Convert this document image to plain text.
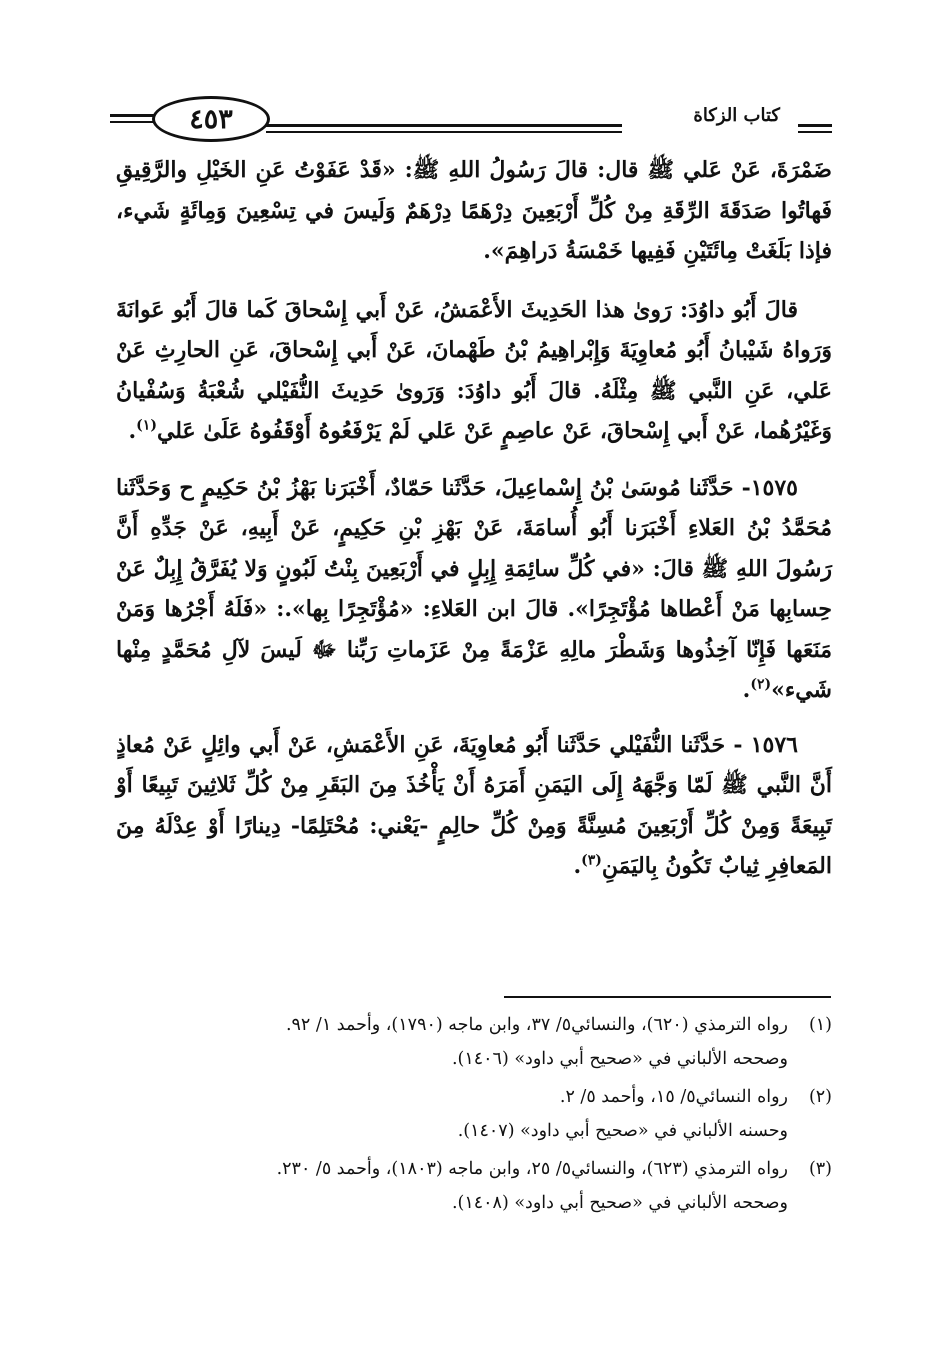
٤٥٣	كتاب الزكاة

ضَمْرَةَ، عَنْ عَلي ﷺ قال: قالَ رَسُولُ اللهِ ﷺ: «قَدْ عَفَوْتُ عَنِ الخَيْلِ والرَّقِيقِ فَهاتُوا صَدَقَةَ الرِّقَةِ مِنْ كُلِّ أَرْبَعِينَ دِرْهَمًا دِرْهَمٌ وَلَيسَ في تِسْعِينَ وَمِائَةٍ شَيء، فإذا بَلَغَتْ مِائَتَيْنِ فَفِيها خَمْسَةُ دَراهِمَ».

قالَ أَبُو داوُدَ: رَوىٰ هذا الحَدِيثَ الأَعْمَشُ، عَنْ أَبي إِسْحاقَ كَما قالَ أَبُو عَوانَةَ وَرَواهُ شَيْبانُ أَبُو مُعاوِيَةَ وَإِبْراهِيمُ بْنُ طَهْمانَ، عَنْ أَبي إِسْحاقَ، عَنِ الحارِثِ عَنْ عَلي، عَنِ النَّبي ﷺ مِثْلَهُ. قالَ أَبُو داوُدَ: وَرَوىٰ حَدِيثَ النُّفَيْلي شُعْبَةُ وَسُفْيانُ وَغَيْرُهُما، عَنْ أَبي إِسْحاقَ، عَنْ عاصِمٍ عَنْ عَلي لَمْ يَرْفَعُوهُ أَوْقَفُوهُ عَلَىٰ عَلي$^{(١)}$.

١٥٧٥- حَدَّثَنا مُوسَىٰ بْنُ إِسْماعِيلَ، حَدَّثَنا حَمّادٌ، أَخْبَرَنا بَهْزُ بْنُ حَكِيمٍ ح وَحَدَّثَنا مُحَمَّدُ بْنُ العَلاءِ أَخْبَرَنا أَبُو أُسامَةَ، عَنْ بَهْزِ بْنِ حَكِيمٍ، عَنْ أَبِيهِ، عَنْ جَدِّهِ أَنَّ رَسُولَ اللهِ ﷺ قالَ: «في كُلِّ سائِمَةِ إِبِلٍ في أَرْبَعِينَ بِنْتُ لَبُونٍ وَلا يُفَرَّقُ إِبِلٌ عَنْ حِسابِها مَنْ أَعْطاها مُؤْتَجِرًا». قالَ ابن العَلاءِ: «مُؤْتَجِرًا بِها».: «فَلَهُ أَجْرُها وَمَنْ مَنَعَها فَإِنّا آخِذُوها وَشَطْرَ مالِهِ عَزْمَةً مِنْ عَزَماتِ رَبِّنا ﷻ لَيسَ لآلِ مُحَمَّدٍ مِنْها شَيء»$^{(٢)}$.

١٥٧٦ - حَدَّثَنا النُّفَيْلي حَدَّثَنا أَبُو مُعاوِيَةَ، عَنِ الأَعْمَشِ، عَنْ أَبي وائِلٍ عَنْ مُعاذٍ أَنَّ النَّبي ﷺ لَمّا وَجَّهَهُ إِلَى اليَمَنِ أَمَرَهُ أَنْ يَأْخُذَ مِنَ البَقَرِ مِنْ كُلِّ ثَلاثِينَ تَبِيعًا أَوْ تَبِيعَةً وَمِنْ كُلِّ أَرْبَعِينَ مُسِنَّةً وَمِنْ كُلِّ حالِمٍ -يَعْني: مُحْتَلِمًا- دِينارًا أَوْ عِدْلَهُ مِنَ المَعافِرِ ثِيابٌ تَكُونُ بِاليَمَنِ$^{(٣)}$.

(١)
رواه الترمذي (٦٢٠)، والنسائي٥/ ٣٧، وابن ماجه (١٧٩٠)، وأحمد ١/ ٩٢.
وصححه الألباني في «صحيح أبي داود» (١٤٠٦).
(٢)
رواه النسائي٥/ ١٥، وأحمد ٥/ ٢.
وحسنه الألباني في «صحيح أبي داود» (١٤٠٧).
(٣)
رواه الترمذي (٦٢٣)، والنسائي٥/ ٢٥، وابن ماجه (١٨٠٣)، وأحمد ٥/ ٢٣٠.
وصححه الألباني في «صحيح أبي داود» (١٤٠٨).
